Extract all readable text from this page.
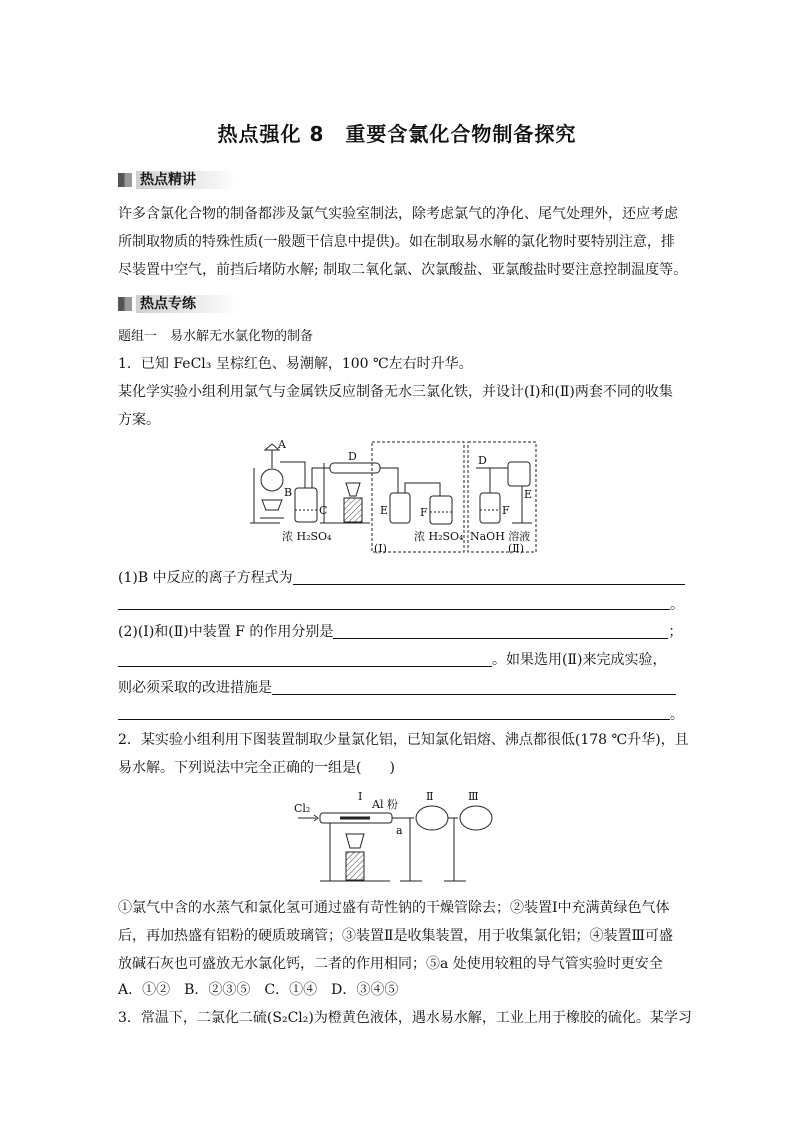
热点强化 8　重要含氯化合物制备探究
热点精讲
许多含氯化合物的制备都涉及氯气实验室制法，除考虑氯气的净化、尾气处理外，还应考虑
所制取物质的特殊性质(一般题干信息中提供)。如在制取易水解的氯化物时要特别注意，排
尽装置中空气，前挡后堵防水解; 制取二氧化氯、次氯酸盐、亚氯酸盐时要注意控制温度等。
热点专练
题组一　易水解无水氯化物的制备
1．已知 FeCl₃ 呈棕红色、易潮解，100 ℃左右时升华。
某化学实验小组利用氯气与金属铁反应制备无水三氯化铁，并设计(Ⅰ)和(Ⅱ)两套不同的收集
方案。
A
B
C
D
E	F
D
E
F
浓 H₂SO₄	浓 H₂SO₄ NaOH 溶液
(Ⅰ)	(Ⅱ)
(1)B 中反应的离子方程式为
。
(2)(Ⅰ)和(Ⅱ)中装置 F 的作用分别是	；
。如果选用(Ⅱ)来完成实验，
则必须采取的改进措施是
。
2．某实验小组利用下图装置制取少量氯化铝，已知氯化铝熔、沸点都很低(178 ℃升华)，且
易水解。下列说法中完全正确的一组是(　　)
Cl₂
Ⅰ
Al 粉
Ⅱ	Ⅲ
a
①氯气中含的水蒸气和氯化氢可通过盛有苛性钠的干燥管除去；②装置Ⅰ中充满黄绿色气体
后，再加热盛有铝粉的硬质玻璃管；③装置Ⅱ是收集装置，用于收集氯化铝；④装置Ⅲ可盛
放碱石灰也可盛放无水氯化钙，二者的作用相同；⑤a 处使用较粗的导气管实验时更安全
A．①②　B．②③⑤　C．①④　D．③④⑤
3．常温下，二氯化二硫(S₂Cl₂)为橙黄色液体，遇水易水解，工业上用于橡胶的硫化。某学习
